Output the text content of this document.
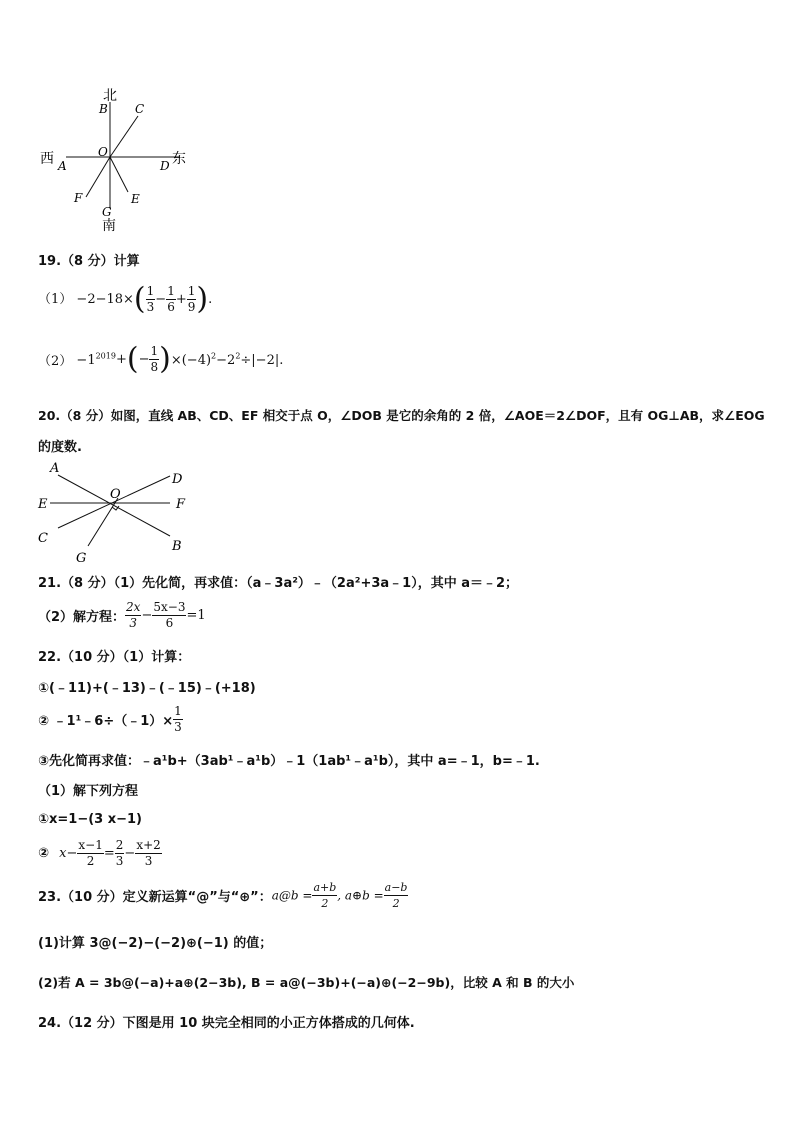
北
南
西	东
B C
O
A	D
F	E
G
19.（8 分）计算
$(1) -2-18\times( \frac{1}{3} - \frac{1}{6} + \frac{1}{9}$ ).
$(2) -1^{2019}+(- \frac{1}{8} )\times(-4)^2-2^2\div|-2|$.
20.（8 分）如图，直线 AB、CD、EF 相交于点 O，∠DOB 是它的余角的 2 倍，∠AOE＝2∠DOF，且有 OG⊥AB，求∠EOG
的度数.
A
D
E
O
F
C
B
G
21.（8 分）（1）先化简，再求值：（a﹣3a²）﹣（2a²+3a﹣1），其中 a＝﹣2；
（2）解方程： $\frac{2x}{3} - \frac{5x-3}{6} =1$
22.（10 分）（1）计算：
①(﹣11)+(﹣13)﹣(﹣15)﹣(+18)
② ﹣1¹﹣6÷（﹣1）× $\frac{1}{3}$
③先化简再求值：﹣a¹b+（3ab¹﹣a¹b）﹣1（1ab¹﹣a¹b），其中 a=﹣1，b=﹣1.
（1）解下列方程
①x=1−(3 x−1)
② $x- \frac{x-1}{2} = \frac{2}{3} - \frac{x+2}{3}$
23.（10 分）定义新运算“@”与“⊕”：a@b = $\frac{a+b}{2}$ , a⊕b = $\frac{a-b}{2}$
(1)计算 3@(−2)−(−2)⊕(−1) 的值；
(2)若 A = 3b@(−a)+a⊕(2−3b), B = a@(−3b)+(−a)⊕(−2−9b)，比较 A 和 B 的大小
24.（12 分）下图是用 10 块完全相同的小正方体搭成的几何体.
